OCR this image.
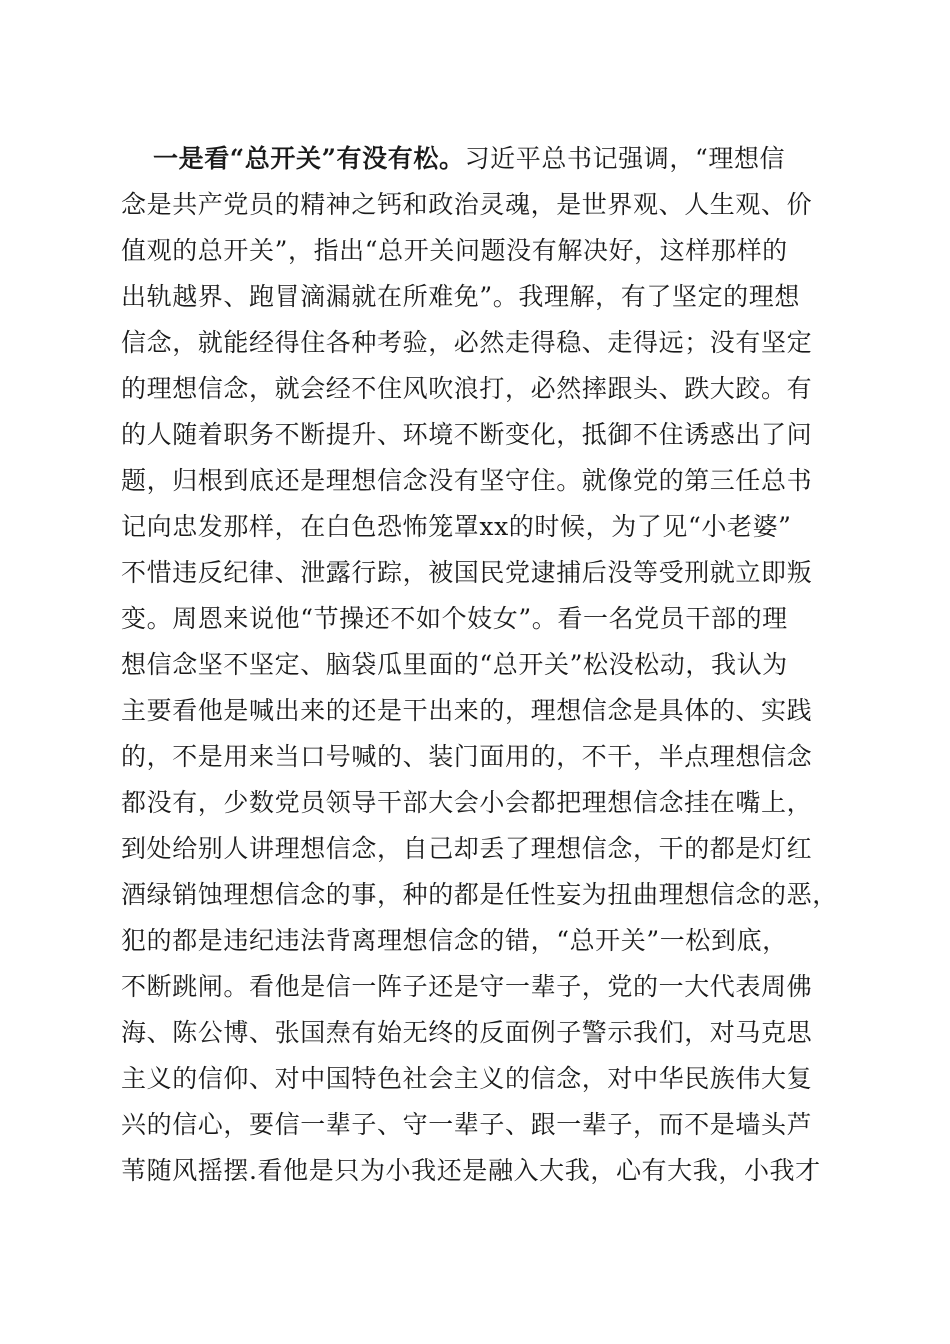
一是看“总开关”有没有松。习近平总书记强调，“理想信
念是共产党员的精神之钙和政治灵魂，是世界观、人生观、价
值观的总开关”，指出“总开关问题没有解决好，这样那样的
出轨越界、跑冒滴漏就在所难免”。我理解，有了坚定的理想
信念，就能经得住各种考验，必然走得稳、走得远；没有坚定
的理想信念，就会经不住风吹浪打，必然摔跟头、跌大跤。有
的人随着职务不断提升、环境不断变化，抵御不住诱惑出了问
题，归根到底还是理想信念没有坚守住。就像党的第三任总书
记向忠发那样，在白色恐怖笼罩xx的时候，为了见“小老婆”
不惜违反纪律、泄露行踪，被国民党逮捕后没等受刑就立即叛
变。周恩来说他“节操还不如个妓女”。看一名党员干部的理
想信念坚不坚定、脑袋瓜里面的“总开关”松没松动，我认为
主要看他是喊出来的还是干出来的，理想信念是具体的、实践
的，不是用来当口号喊的、装门面用的，不干，半点理想信念
都没有，少数党员领导干部大会小会都把理想信念挂在嘴上，
到处给别人讲理想信念，自己却丢了理想信念，干的都是灯红
酒绿销蚀理想信念的事，种的都是任性妄为扭曲理想信念的恶，
犯的都是违纪违法背离理想信念的错，“总开关”一松到底，
不断跳闸。看他是信一阵子还是守一辈子，党的一大代表周佛
海、陈公博、张国焘有始无终的反面例子警示我们，对马克思
主义的信仰、对中国特色社会主义的信念，对中华民族伟大复
兴的信心，要信一辈子、守一辈子、跟一辈子，而不是墙头芦
苇随风摇摆.看他是只为小我还是融入大我，心有大我，小我才
